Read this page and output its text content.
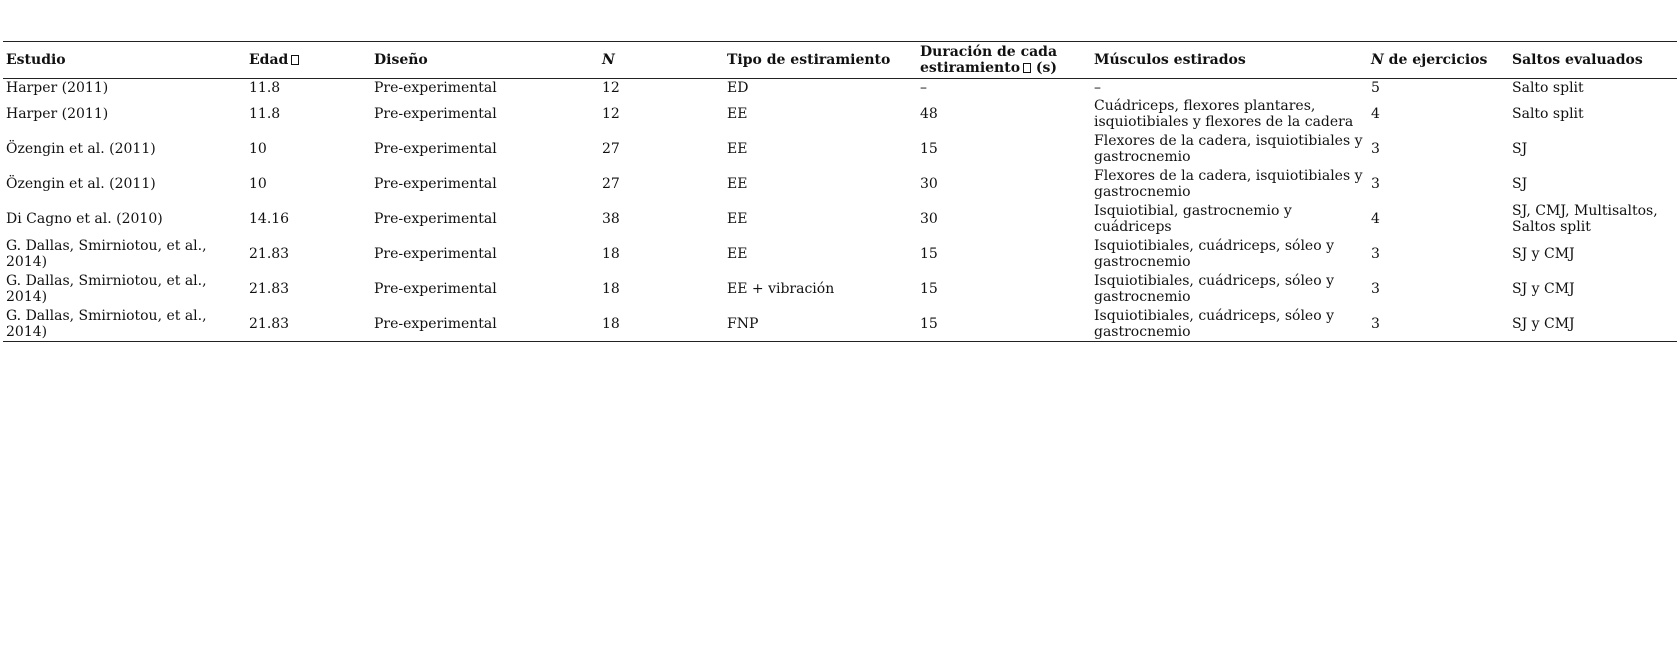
Estudio	Edad	Diseño	N	Tipo de estiramiento	Duración de cada estiramiento (s)	Músculos estirados	N de ejercicios	Saltos evaluados
Harper (2011)	11.8	Pre-experimental	12	ED	–	–	5	Salto split
Harper (2011)	11.8	Pre-experimental	12	EE	48	Cuádriceps, flexores plantares, isquiotibiales y flexores de la cadera	4	Salto split
Özengin et al. (2011)	10	Pre-experimental	27	EE	15	Flexores de la cadera, isquiotibiales y gastrocnemio	3	SJ
Özengin et al. (2011)	10	Pre-experimental	27	EE	30	Flexores de la cadera, isquiotibiales y gastrocnemio	3	SJ
Di Cagno et al. (2010)	14.16	Pre-experimental	38	EE	30	Isquiotibial, gastrocnemio y cuádriceps	4	SJ, CMJ, Multisaltos, Saltos split
G. Dallas, Smirniotou, et al., 2014)	21.83	Pre-experimental	18	EE	15	Isquiotibiales, cuádriceps, sóleo y gastrocnemio	3	SJ y CMJ
G. Dallas, Smirniotou, et al., 2014)	21.83	Pre-experimental	18	EE + vibración	15	Isquiotibiales, cuádriceps, sóleo y gastrocnemio	3	SJ y CMJ
G. Dallas, Smirniotou, et al., 2014)	21.83	Pre-experimental	18	FNP	15	Isquiotibiales, cuádriceps, sóleo y gastrocnemio	3	SJ y CMJ
